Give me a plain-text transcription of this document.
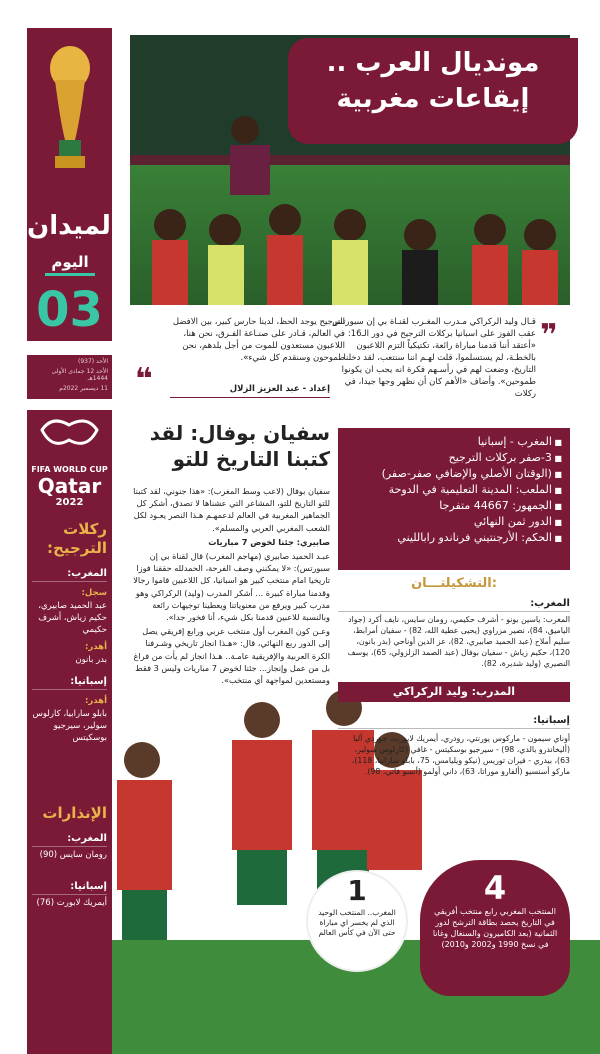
الميدان
اليوم
03
الأحد (937)
الأحد 12 جمادى الأولى 1444هـ
11 ديسمبر 2022م
FIFA WORLD CUP
Qatar
2022
ركلات الترجيح:
المغرب:
سجل:
عبد الحميد صابيري، حكيم زياش، أشرف حكيمي
أهدر:
بدر بانون
إسبانيا:
أهدر:
بابلو سارابيا، كارلوس سولير، سيرجيو بوسكيتس
الإنذارات
المغرب:
رومان سايس (90)
إسبانيا:
أيمريك لابورت (76)
مونديال العرب ..
إيقاعات مغربية
❞
قـال وليد الركراكي مـدرب المغـرب لقنـاة بي إن سبورتس عقب الفوز على اسبانيا بركلات الترجيح في دور الـ16: «أعتقد أننا قدمنا مباراة رائعة، تكتيكياً التزم اللاعبون بالخطـة، لم يستسلموا، قلت لهـم اننا سنتعب، لقد دخلنا التاريخ، وضعت لهم في رأسـهم فكرة انه يجب ان يكونوا طموحين». وأضاف «الأهم كان أن نظهر وجها جيدا، في ركلات
الترجيح يوجد الحظ، لدينا حارس كبير، بين الافضل في العالم، قـادر على صنـاعة الفـرق، نحن هنا، اللاعبون مستعدون للموت من أجل بلدهم، نحن طموحون وسنقدم كل شيء».
❝	إعداد - عبد العزيز الزلال
سفيان بوفال: لقد كتبنا التاريخ للتو

سفيان بوفال (لاعب وسط المغرب): «هذا جنوني، لقد كتبنا للتو التاريخ للتو، المشاعر التي عشناها لا تصدق، أشكر كل الجماهير المغربية في العالم لدعمهـم هـذا النصر يعـود لكل الشعب المغربي العربي والمسلم».

صابيري: جئنا لخوض 7 مباريات

عبـد الحميد صابيري (مهاجم المغرب) قال لقناة بي إن سبورتس): «لا يمكنني وصف الفرحة، الحمدلله حققنا فوزا تاريخيا امام منتخب كبير هو اسبانيا، كل اللاعبين قاموا رجالا وقدمنا مباراة كبيرة ... أشكر المدرب (وليد) الركراكي وهو مدرب كبير ويرفع من معنوياتنا ويعطينا توجيهات رائعة وبالنسبة للاعبين قدمنا بكل شيء، أنا فخور جدا».

وعـن كون المغرب أول منتخب عربي ورابع إفريقي يصل إلى الدور ربع النهائي، قال: «هـذا انجاز تاريخي وشـرفنا الكرة العربية والإفريقية عامـة.. هـذا انجاز لم يأت من فراغ بل من عمل وإنجاز... جئنا لخوض 7 مباريات وليس 3 فقط ومستعدين لمواجهة أي منتخب».

■ المغرب - إسبانيا
■ 3-صفر بركلات الترجيح
■ (الوقتان الأصلي والإضافي صفر-صفر)
■ الملعب: المدينة التعليمية في الدوحة
■ الجمهور: 44667 متفرجا
■ الدور ثمن النهائي
■ الحكم: الأرجنتيني فرناندو رابالليني
التشكيلتـــان:
المغرب:
المغرب: ياسين بونو - أشرف حكيمي، رومان سايس، نايف أكرد (جواد الياميق، 84)، نصير مزراوي (يحيى عطية الله، 82) - سفيان أمرابط، سليم أملاح (عبد الحميد صابيري، 82)، عز الدين أوناحي (بدر بانون، 120)، حكيم زياش - سفيان بوفال (عبد الصمد الزلزولي، 65)، يوسف النصيري (وليد شديرة، 82).
المدرب: وليد الركراكي
إسبانيا:
أوناي سيمون - ماركوس يورنتي، رودري، أيمريك لابورت، جوردي ألبا (أليخاندرو بالدي، 98) - سيرجيو بوسكيتس - غافي (كارلوس سولير، 63)، بيدري - فيران توريس (نيكو ويليامس، 75، بابلو سارابيا، 118)، ماركو أسنسيو (ألفارو موراتا، 63)، داني أولمو (أنسو فاتي، 98).
1
المغرب.. المنتخب الوحيد الذي لم يخسر اي مباراة حتى الآن في كأس العالم
4
المنتخب المغربي رابع منتخب أفريقي في التاريخ يحصد بطاقة الترشح لدور الثمانية (بعد الكاميرون والسنغال وغانا في نسخ 1990 و2002 و2010)
